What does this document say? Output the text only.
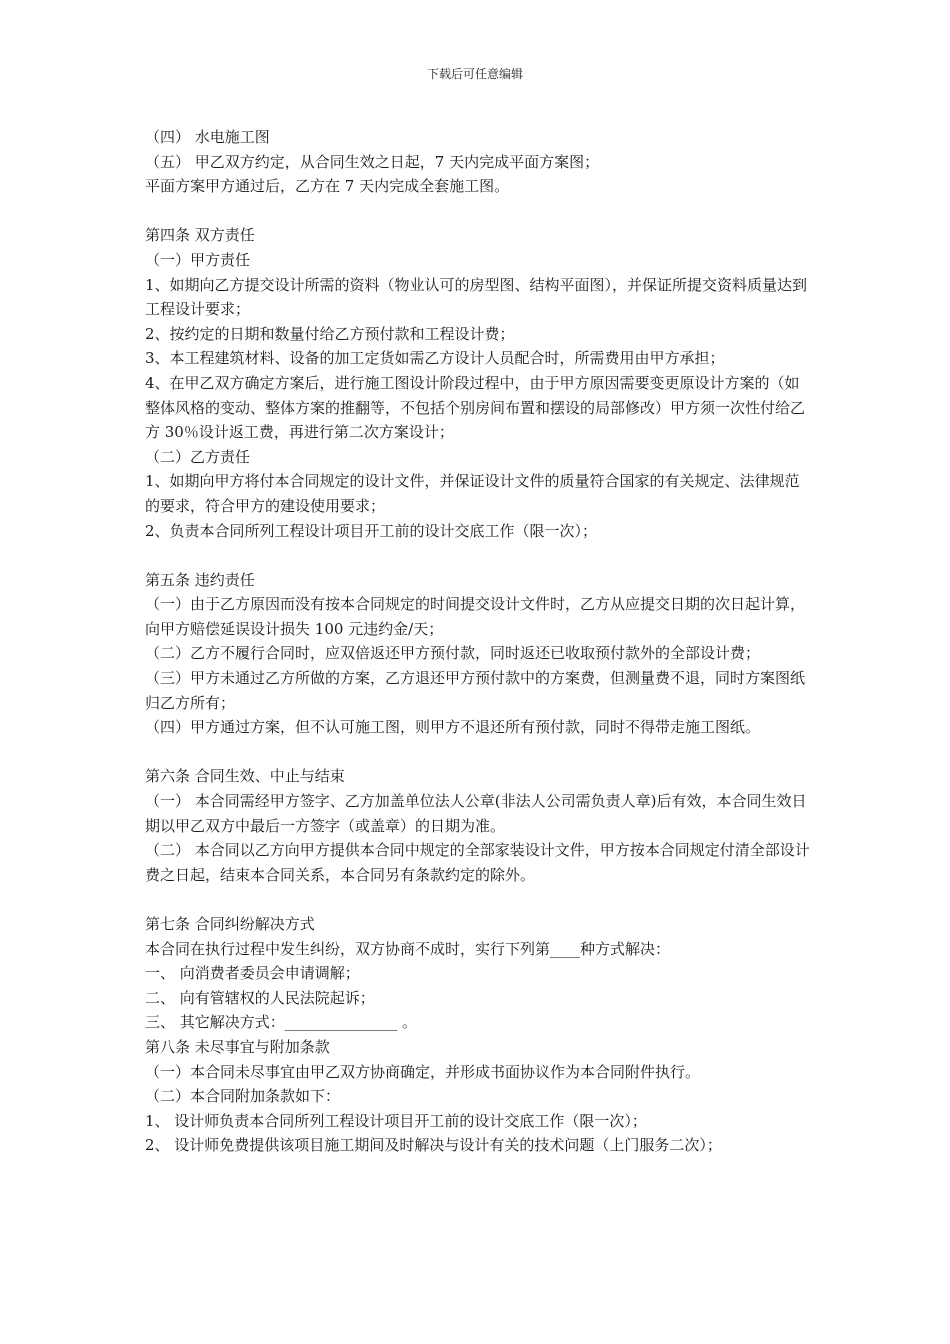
下载后可任意编辑

（四） 水电施工图

（五） 甲乙双方约定，从合同生效之日起，7 天内完成平面方案图；

平面方案甲方通过后，乙方在 7 天内完成全套施工图。

第四条 双方责任

（一）甲方责任

1、如期向乙方提交设计所需的资料（物业认可的房型图、结构平面图），并保证所提交资料质量达到工程设计要求；

2、按约定的日期和数量付给乙方预付款和工程设计费；

3、本工程建筑材料、设备的加工定货如需乙方设计人员配合时，所需费用由甲方承担；

4、在甲乙双方确定方案后，进行施工图设计阶段过程中，由于甲方原因需要变更原设计方案的（如整体风格的变动、整体方案的推翻等，不包括个别房间布置和摆设的局部修改）甲方须一次性付给乙方 30％设计返工费，再进行第二次方案设计；

（二）乙方责任

1、如期向甲方将付本合同规定的设计文件，并保证设计文件的质量符合国家的有关规定、法律规范的要求，符合甲方的建设使用要求；

2、负责本合同所列工程设计项目开工前的设计交底工作（限一次）；

第五条 违约责任

（一）由于乙方原因而没有按本合同规定的时间提交设计文件时，乙方从应提交日期的次日起计算，向甲方赔偿延误设计损失 100 元违约金/天；

（二）乙方不履行合同时，应双倍返还甲方预付款，同时返还已收取预付款外的全部设计费；

（三）甲方未通过乙方所做的方案，乙方退还甲方预付款中的方案费，但测量费不退，同时方案图纸归乙方所有；

（四）甲方通过方案，但不认可施工图，则甲方不退还所有预付款，同时不得带走施工图纸。

第六条 合同生效、中止与结束

（一） 本合同需经甲方签字、乙方加盖单位法人公章(非法人公司需负责人章)后有效，本合同生效日期以甲乙双方中最后一方签字（或盖章）的日期为准。

（二） 本合同以乙方向甲方提供本合同中规定的全部家装设计文件，甲方按本合同规定付清全部设计费之日起，结束本合同关系，本合同另有条款约定的除外。

第七条 合同纠纷解决方式

本合同在执行过程中发生纠纷，双方协商不成时，实行下列第____种方式解决：

一、 向消费者委员会申请调解；

二、 向有管辖权的人民法院起诉；

三、 其它解决方式：_______________ 。

第八条 未尽事宜与附加条款

（一）本合同未尽事宜由甲乙双方协商确定，并形成书面协议作为本合同附件执行。

（二）本合同附加条款如下：

1、 设计师负责本合同所列工程设计项目开工前的设计交底工作（限一次）；

2、 设计师免费提供该项目施工期间及时解决与设计有关的技术问题（上门服务二次）；
